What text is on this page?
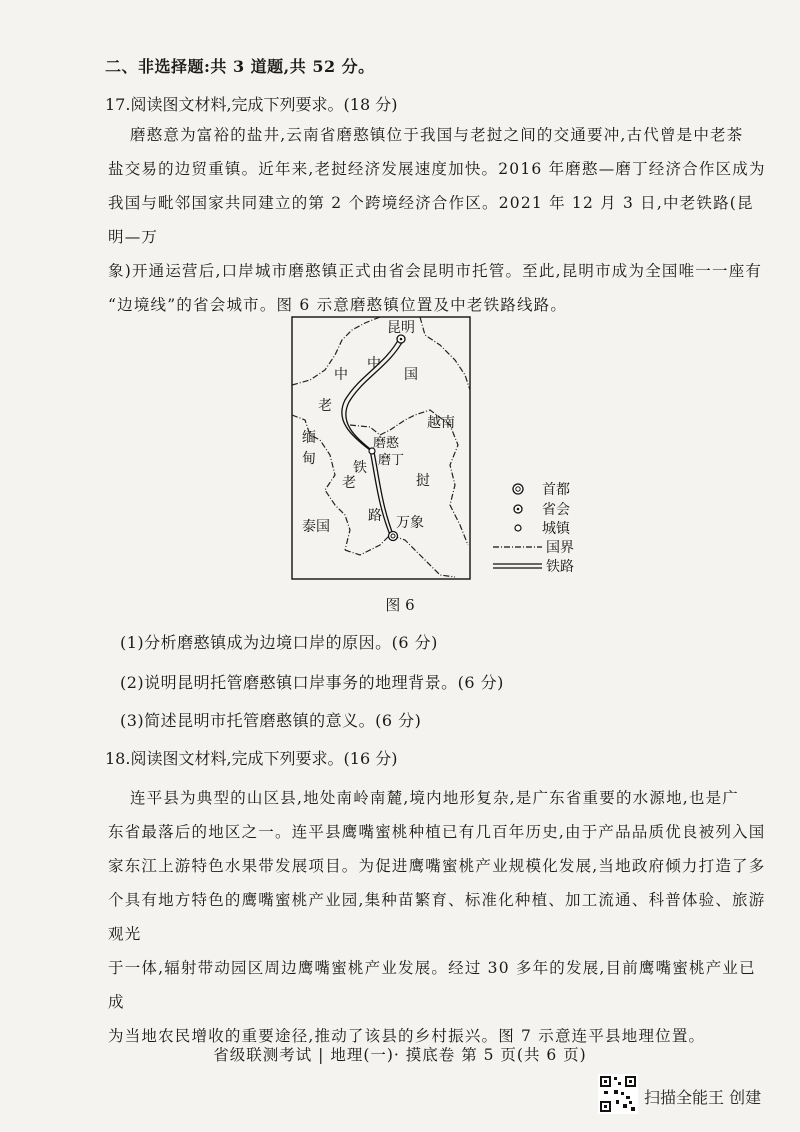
二、非选择题:共 3 道题,共 52 分。
17.阅读图文材料,完成下列要求。(18 分)

磨憨意为富裕的盐井,云南省磨憨镇位于我国与老挝之间的交通要冲,古代曾是中老茶

盐交易的边贸重镇。近年来,老挝经济发展速度加快。2016 年磨憨—磨丁经济合作区成为

我国与毗邻国家共同建立的第 2 个跨境经济合作区。2021 年 12 月 3 日,中老铁路(昆明—万

象)开通运营后,口岸城市磨憨镇正式由省会昆明市托管。至此,昆明市成为全国唯一一座有

“边境线”的省会城市。图 6 示意磨憨镇位置及中老铁路线路。

昆明
中
中	国
老
缅
甸
越南
磨憨
磨丁
铁
老	挝
路 万象
泰国
首都
省会
城镇
国界
铁路
图 6
(1)分析磨憨镇成为边境口岸的原因。(6 分)
(2)说明昆明托管磨憨镇口岸事务的地理背景。(6 分)
(3)简述昆明市托管磨憨镇的意义。(6 分)
18.阅读图文材料,完成下列要求。(16 分)

连平县为典型的山区县,地处南岭南麓,境内地形复杂,是广东省重要的水源地,也是广

东省最落后的地区之一。连平县鹰嘴蜜桃种植已有几百年历史,由于产品品质优良被列入国

家东江上游特色水果带发展项目。为促进鹰嘴蜜桃产业规模化发展,当地政府倾力打造了多

个具有地方特色的鹰嘴蜜桃产业园,集种苗繁育、标准化种植、加工流通、科普体验、旅游观光

于一体,辐射带动园区周边鹰嘴蜜桃产业发展。经过 30 多年的发展,目前鹰嘴蜜桃产业已成

为当地农民增收的重要途径,推动了该县的乡村振兴。图 7 示意连平县地理位置。

省级联测考试 | 地理(一)· 摸底卷 第 5 页(共 6 页)
扫描全能王 创建
